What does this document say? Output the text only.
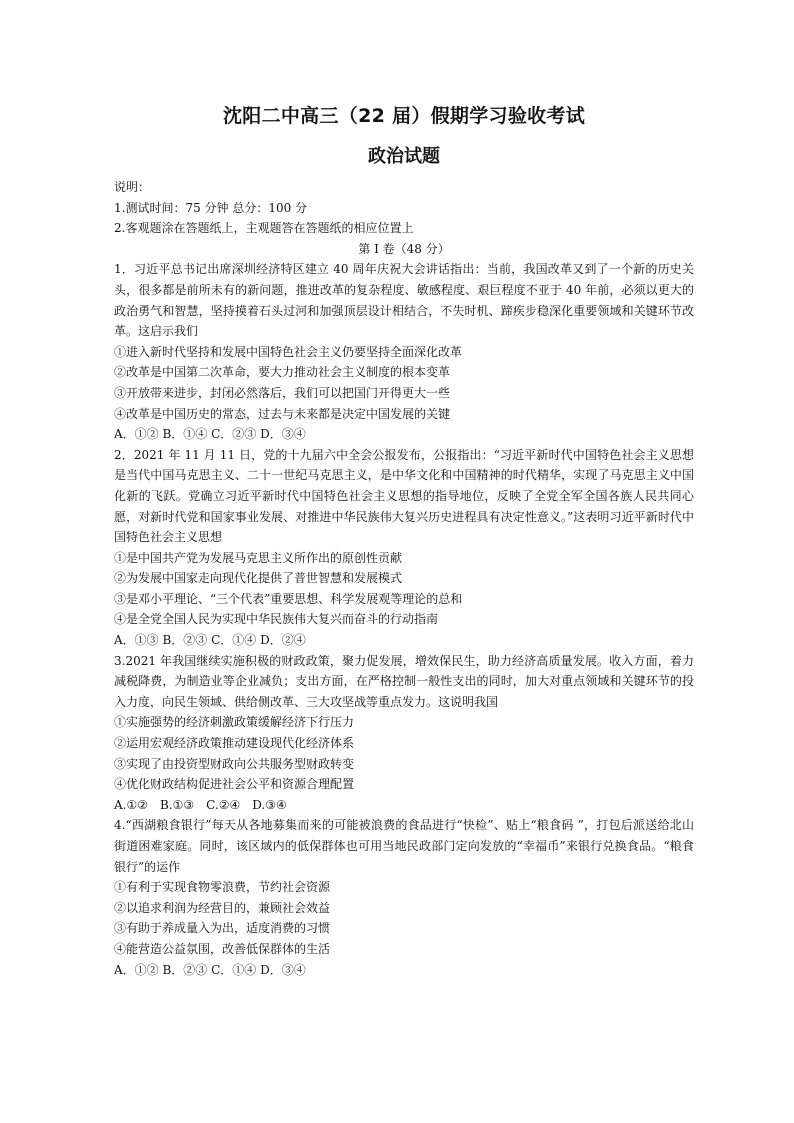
沈阳二中高三（22 届）假期学习验收考试
政治试题
说明：
1.测试时间：75 分钟 总分：100 分
2.客观题涂在答题纸上，主观题答在答题纸的相应位置上
第 I 卷（48 分）
1．习近平总书记出席深圳经济特区建立 40 周年庆祝大会讲话指出：当前，我国改革又到了一个新的历史关头，很多都是前所未有的新问题，推进改革的复杂程度、敏感程度、艰巨程度不亚于 40 年前，必须以更大的政治勇气和智慧，坚持摸着石头过河和加强顶层设计相结合，不失时机、蹄疾步稳深化重要领域和关键环节改革。这启示我们
①进入新时代坚持和发展中国特色社会主义仍要坚持全面深化改革
②改革是中国第二次革命，要大力推动社会主义制度的根本变革
③开放带来进步，封闭必然落后，我们可以把国门开得更大一些
④改革是中国历史的常态，过去与未来都是决定中国发展的关键
A．①② B．①④ C．②③ D．③④
2．2021 年 11 月 11 日，党的十九届六中全会公报发布，公报指出：“习近平新时代中国特色社会主义思想是当代中国马克思主义、二十一世纪马克思主义，是中华文化和中国精神的时代精华，实现了马克思主义中国化新的飞跃。党确立习近平新时代中国特色社会主义思想的指导地位，反映了全党全军全国各族人民共同心愿，对新时代党和国家事业发展、对推进中华民族伟大复兴历史进程具有决定性意义。”这表明习近平新时代中国特色社会主义思想
①是中国共产党为发展马克思主义所作出的原创性贡献
②为发展中国家走向现代化提供了普世智慧和发展模式
③是邓小平理论、“三个代表”重要思想、科学发展观等理论的总和
④是全党全国人民为实现中华民族伟大复兴而奋斗的行动指南
A．①③ B．②③ C．①④ D．②④
3.2021 年我国继续实施积极的财政政策，聚力促发展，增效保民生，助力经济高质量发展。收入方面，着力减税降费，为制造业等企业减负；支出方面，在严格控制一般性支出的同时，加大对重点领域和关键环节的投入力度，向民生领域、供给侧改革、三大攻坚战等重点发力。这说明我国
①实施强势的经济刺激政策缓解经济下行压力
②运用宏观经济政策推动建设现代化经济体系
③实现了由投资型财政向公共服务型财政转变
④优化财政结构促进社会公平和资源合理配置
A.①②　B.①③　C.②④　D.③④
4.“西湖粮食银行”每天从各地募集而来的可能被浪费的食品进行“快检”、贴上“粮食码 ”，打包后派送给北山街道困难家庭。同时，该区域内的低保群体也可用当地民政部门定向发放的“幸福币”来银行兑换食品。“粮食银行”的运作
①有利于实现食物零浪费，节约社会资源
②以追求利润为经营目的，兼顾社会效益
③有助于养成量入为出，适度消费的习惯
④能营造公益氛围，改善低保群体的生活
A．①② B．②③ C．①④ D．③④
